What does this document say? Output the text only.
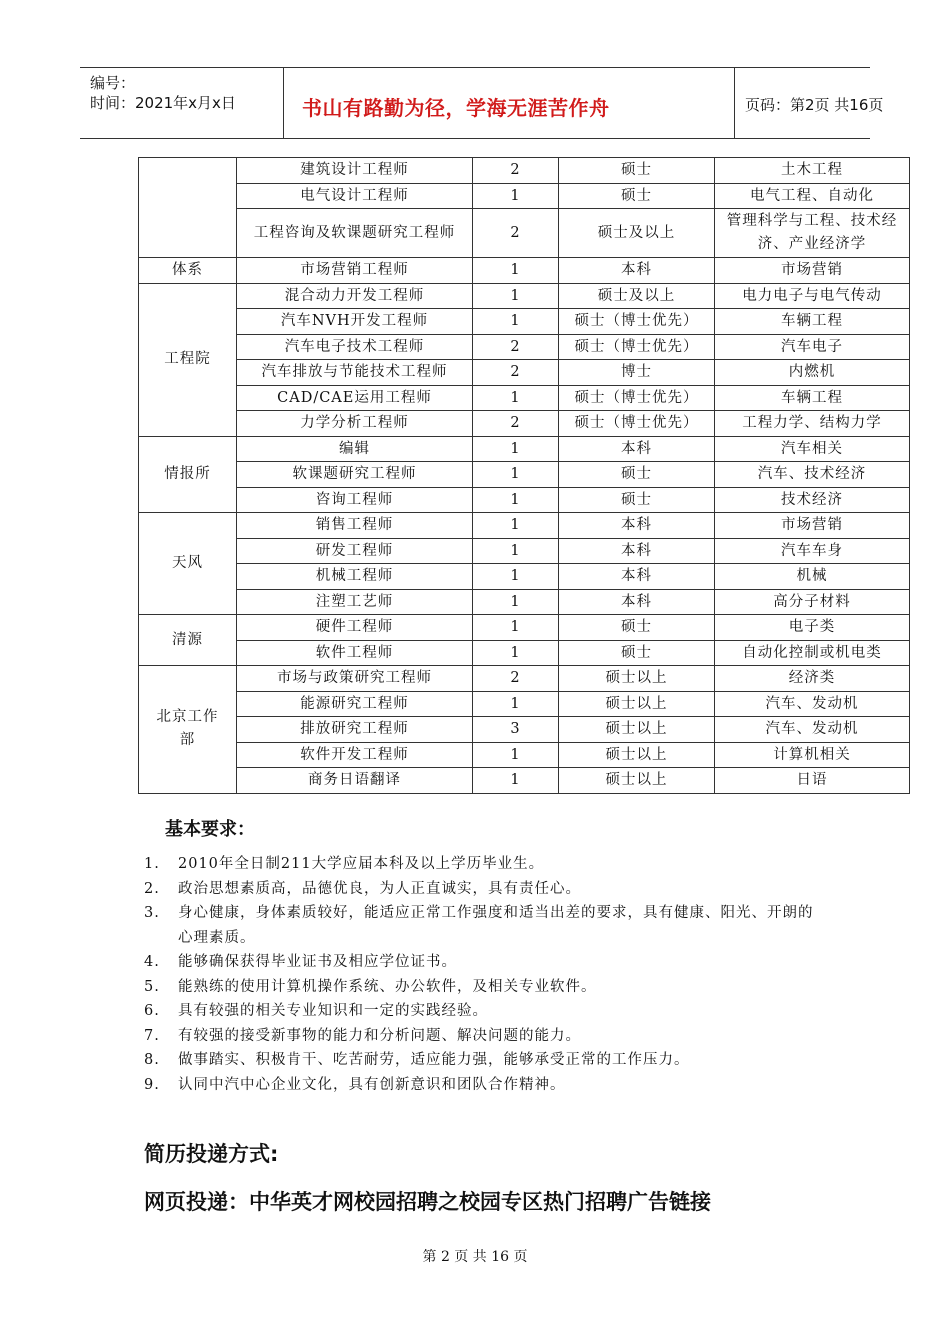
编号：
时间：2021年x月x日	书山有路勤为径，学海无涯苦作舟	页码：第2页 共16页
	建筑设计工程师	2	硕士	土木工程
	电气设计工程师	1	硕士	电气工程、自动化
	工程咨询及软课题研究工程师	2	硕士及以上	管理科学与工程、技术经济、产业经济学
体系	市场营销工程师	1	本科	市场营销
工程院	混合动力开发工程师	1	硕士及以上	电力电子与电气传动
	汽车NVH开发工程师	1	硕士（博士优先）	车辆工程
	汽车电子技术工程师	2	硕士（博士优先）	汽车电子
	汽车排放与节能技术工程师	2	博士	内燃机
	CAD/CAE运用工程师	1	硕士（博士优先）	车辆工程
	力学分析工程师	2	硕士（博士优先）	工程力学、结构力学
情报所	编辑	1	本科	汽车相关
	软课题研究工程师	1	硕士	汽车、技术经济
	咨询工程师	1	硕士	技术经济
天风	销售工程师	1	本科	市场营销
	研发工程师	1	本科	汽车车身
	机械工程师	1	本科	机械
	注塑工艺师	1	本科	高分子材料
清源	硬件工程师	1	硕士	电子类
	软件工程师	1	硕士	自动化控制或机电类
北京工作部	市场与政策研究工程师	2	硕士以上	经济类
	能源研究工程师	1	硕士以上	汽车、发动机
	排放研究工程师	3	硕士以上	汽车、发动机
	软件开发工程师	1	硕士以上	计算机相关
	商务日语翻译	1	硕士以上	日语
基本要求：
1. 2010年全日制211大学应届本科及以上学历毕业生。
2. 政治思想素质高，品德优良，为人正直诚实，具有责任心。
3. 身心健康，身体素质较好，能适应正常工作强度和适当出差的要求，具有健康、阳光、开朗的心理素质。
4. 能够确保获得毕业证书及相应学位证书。
5. 能熟练的使用计算机操作系统、办公软件，及相关专业软件。
6. 具有较强的相关专业知识和一定的实践经验。
7. 有较强的接受新事物的能力和分析问题、解决问题的能力。
8. 做事踏实、积极肯干、吃苦耐劳，适应能力强，能够承受正常的工作压力。
9. 认同中汽中心企业文化，具有创新意识和团队合作精神。
简历投递方式:
网页投递：中华英才网校园招聘之校园专区热门招聘广告链接
第 2 页 共 16 页
